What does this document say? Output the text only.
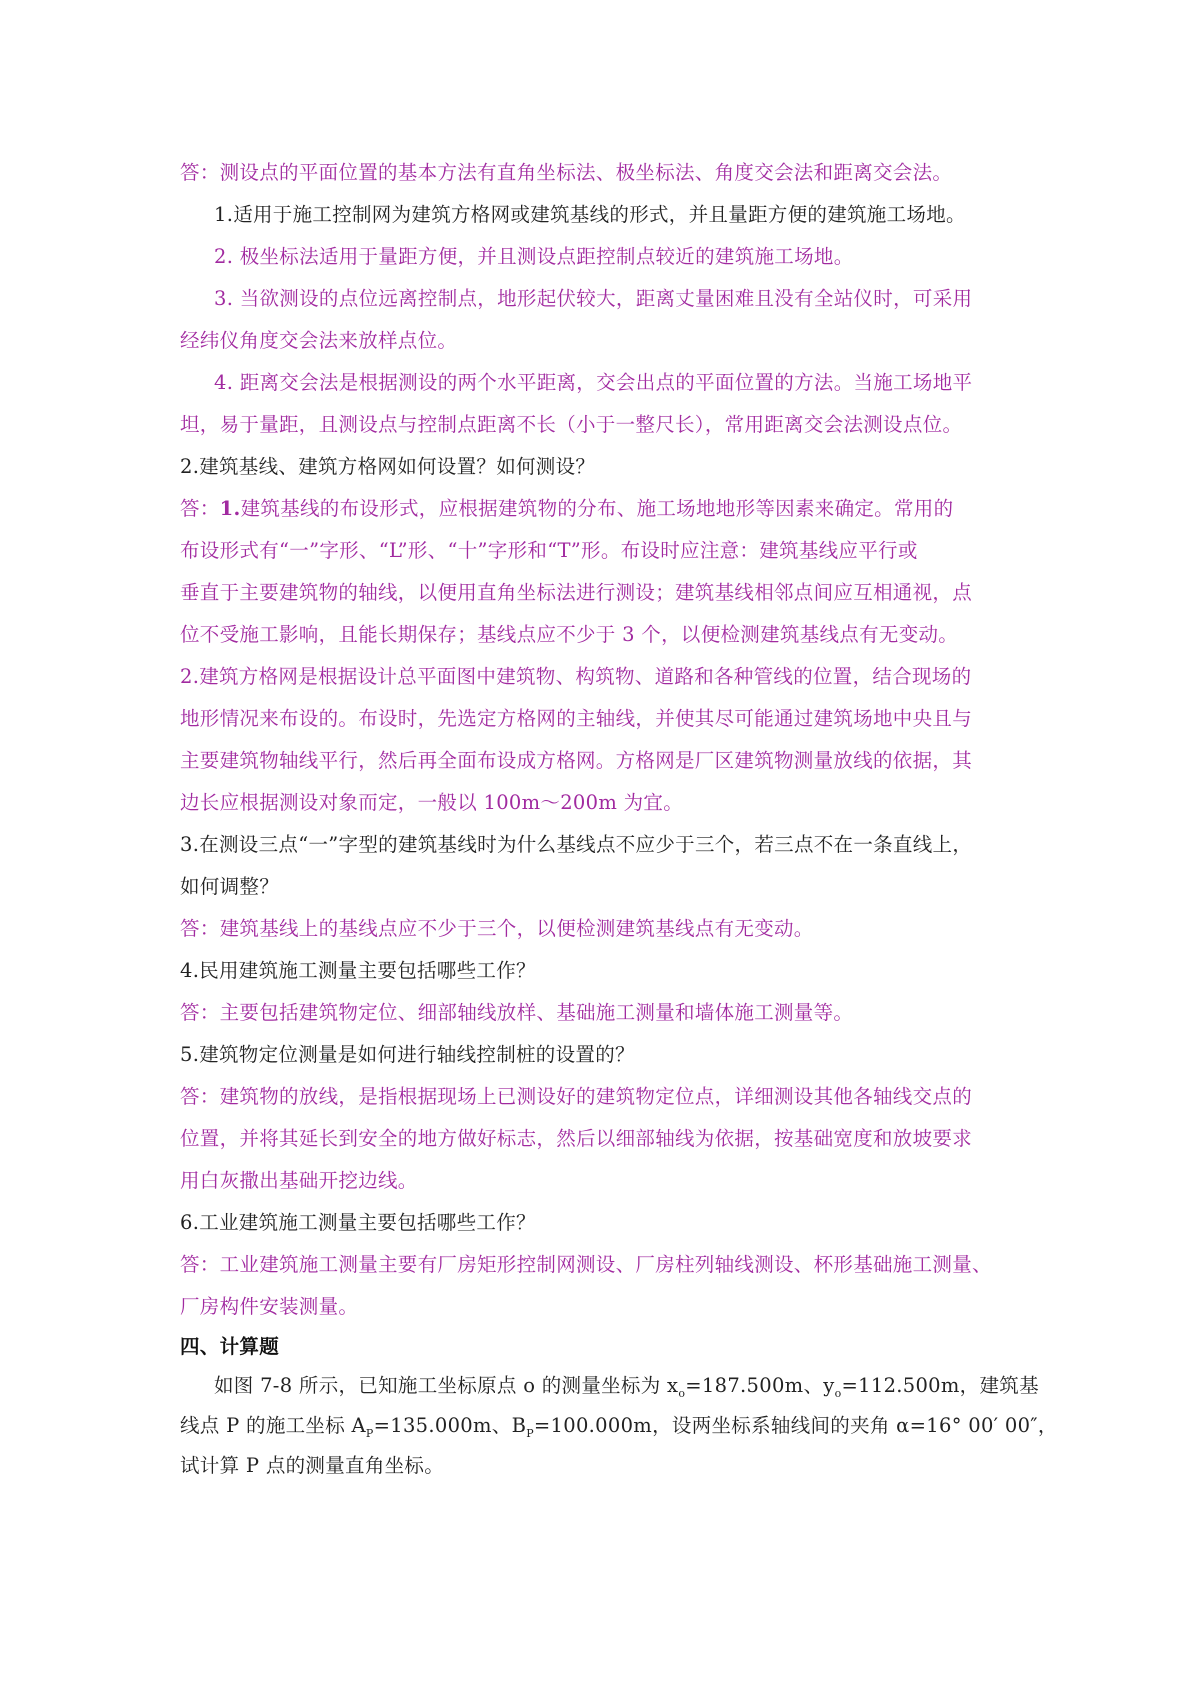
答：测设点的平面位置的基本方法有直角坐标法、极坐标法、角度交会法和距离交会法。
1.适用于施工控制网为建筑方格网或建筑基线的形式，并且量距方便的建筑施工场地。
2. 极坐标法适用于量距方便，并且测设点距控制点较近的建筑施工场地。
3. 当欲测设的点位远离控制点，地形起伏较大，距离丈量困难且没有全站仪时，可采用
经纬仪角度交会法来放样点位。
4. 距离交会法是根据测设的两个水平距离，交会出点的平面位置的方法。当施工场地平
坦，易于量距，且测设点与控制点距离不长（小于一整尺长），常用距离交会法测设点位。
2.建筑基线、建筑方格网如何设置？如何测设？
答：1.建筑基线的布设形式，应根据建筑物的分布、施工场地地形等因素来确定。常用的
布设形式有“一”字形、“L”形、“十”字形和“T”形。布设时应注意：建筑基线应平行或
垂直于主要建筑物的轴线，以便用直角坐标法进行测设；建筑基线相邻点间应互相通视，点
位不受施工影响，且能长期保存；基线点应不少于 3 个，以便检测建筑基线点有无变动。
2.建筑方格网是根据设计总平面图中建筑物、构筑物、道路和各种管线的位置，结合现场的
地形情况来布设的。布设时，先选定方格网的主轴线，并使其尽可能通过建筑场地中央且与
主要建筑物轴线平行，然后再全面布设成方格网。方格网是厂区建筑物测量放线的依据，其
边长应根据测设对象而定，一般以 100m～200m 为宜。
3.在测设三点“一”字型的建筑基线时为什么基线点不应少于三个，若三点不在一条直线上，
如何调整？
答：建筑基线上的基线点应不少于三个，以便检测建筑基线点有无变动。
4.民用建筑施工测量主要包括哪些工作？
答：主要包括建筑物定位、细部轴线放样、基础施工测量和墙体施工测量等。
5.建筑物定位测量是如何进行轴线控制桩的设置的？
答：建筑物的放线，是指根据现场上已测设好的建筑物定位点，详细测设其他各轴线交点的
位置，并将其延长到安全的地方做好标志，然后以细部轴线为依据，按基础宽度和放坡要求
用白灰撒出基础开挖边线。
6.工业建筑施工测量主要包括哪些工作？
答：工业建筑施工测量主要有厂房矩形控制网测设、厂房柱列轴线测设、杯形基础施工测量、
厂房构件安装测量。
四、计算题
如图 7-8 所示，已知施工坐标原点 o 的测量坐标为 $x_o=187.500m$、$y_o=112.500m$，建筑基
线点 P 的施工坐标 $A_P=135.000m$、$B_P=100.000m$，设两坐标系轴线间的夹角 α=16° 00′ 00″，
试计算 P 点的测量直角坐标。
